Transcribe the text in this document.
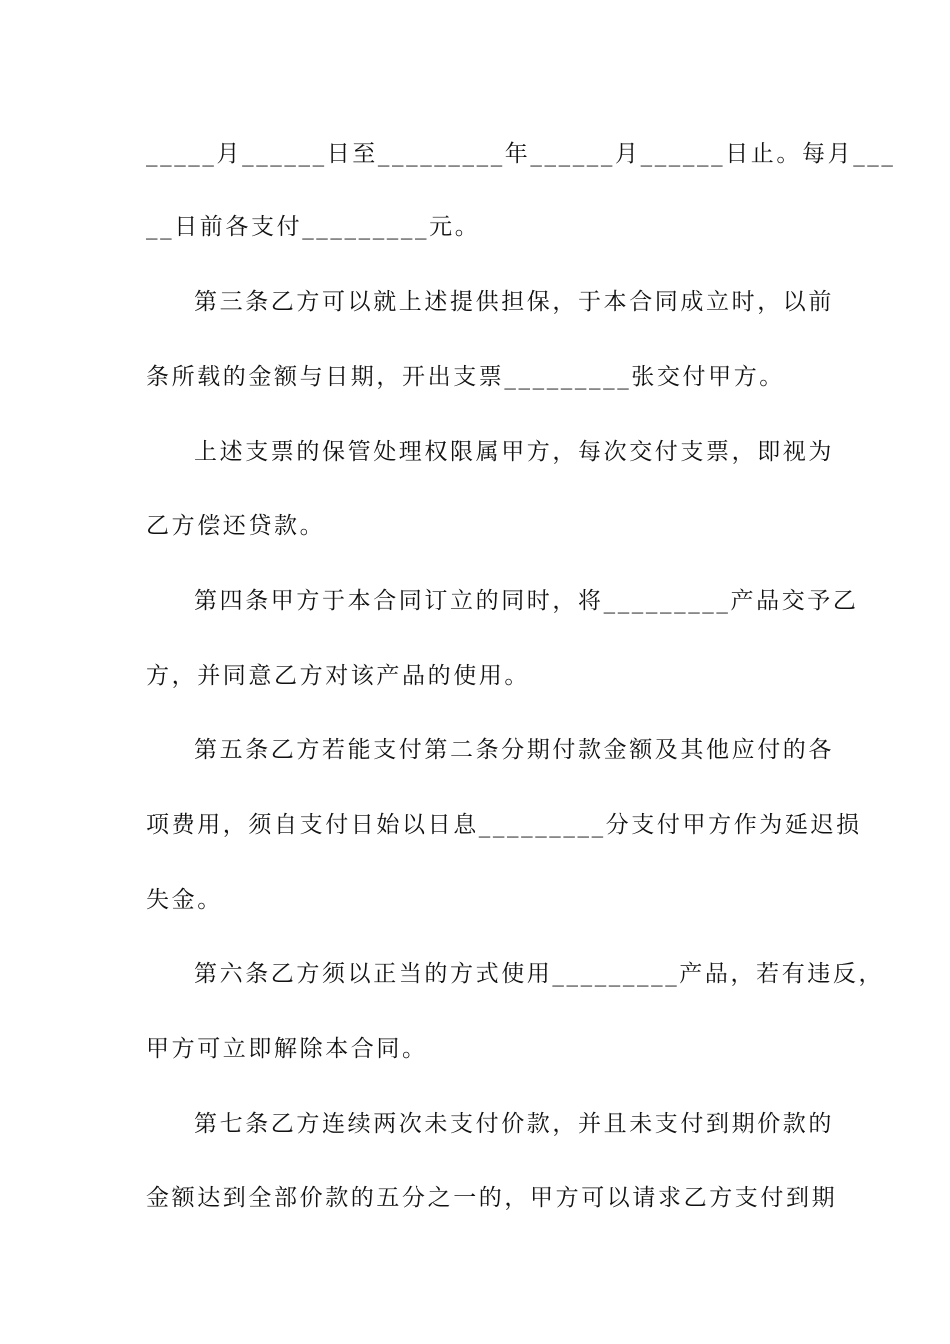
_____月______日至_________年______月______日止。每月___
__日前各支付_________元。
第三条乙方可以就上述提供担保，于本合同成立时，以前
条所载的金额与日期，开出支票_________张交付甲方。
上述支票的保管处理权限属甲方，每次交付支票，即视为
乙方偿还贷款。
第四条甲方于本合同订立的同时，将_________产品交予乙
方，并同意乙方对该产品的使用。
第五条乙方若能支付第二条分期付款金额及其他应付的各
项费用，须自支付日始以日息_________分支付甲方作为延迟损
失金。
第六条乙方须以正当的方式使用_________产品，若有违反，
甲方可立即解除本合同。
第七条乙方连续两次未支付价款，并且未支付到期价款的
金额达到全部价款的五分之一的，甲方可以请求乙方支付到期
